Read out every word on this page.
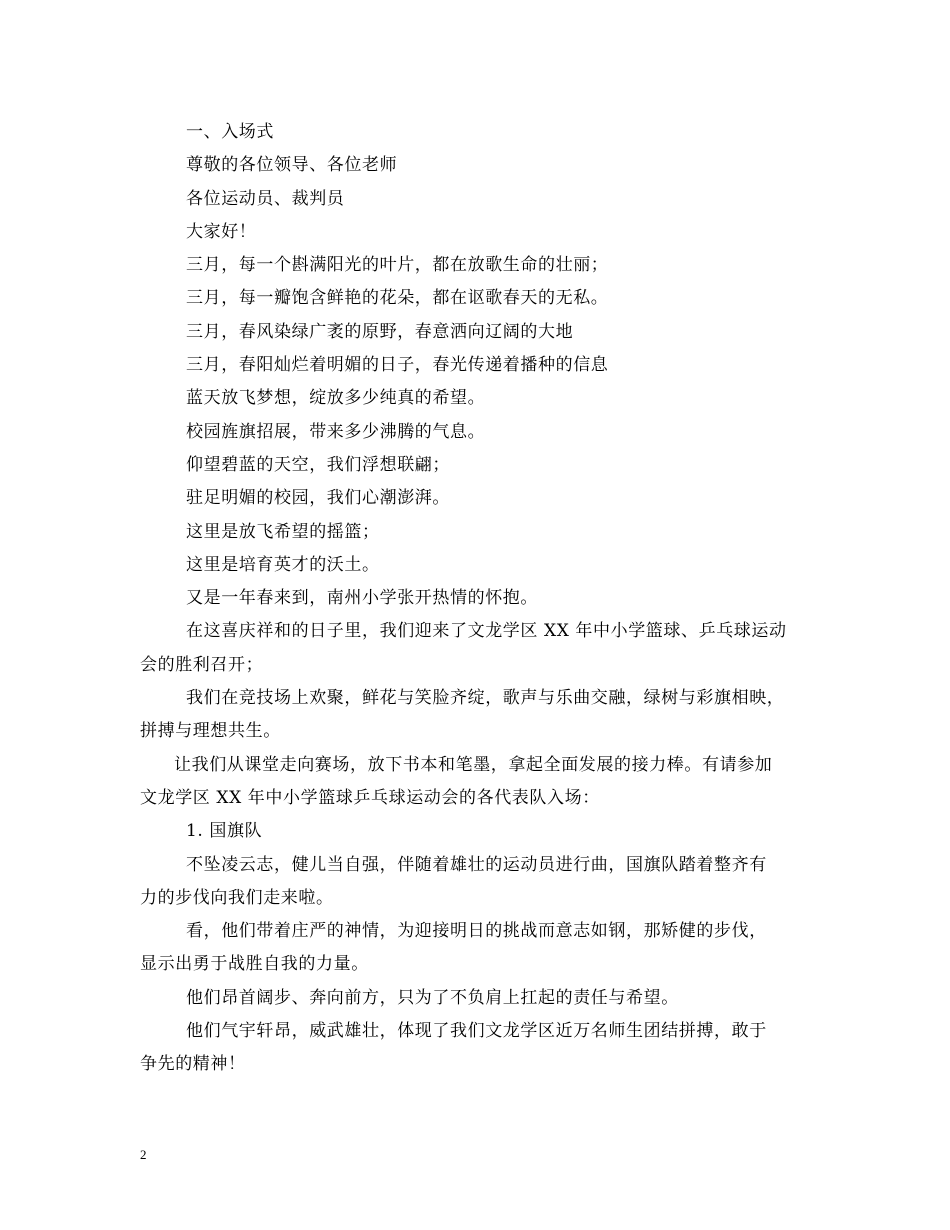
一、入场式
尊敬的各位领导、各位老师
各位运动员、裁判员
大家好！
三月，每一个斟满阳光的叶片，都在放歌生命的壮丽；
三月，每一瓣饱含鲜艳的花朵，都在讴歌春天的无私。
三月，春风染绿广袤的原野，春意洒向辽阔的大地
三月，春阳灿烂着明媚的日子，春光传递着播种的信息
蓝天放飞梦想，绽放多少纯真的希望。
校园旌旗招展，带来多少沸腾的气息。
仰望碧蓝的天空，我们浮想联翩；
驻足明媚的校园，我们心潮澎湃。
这里是放飞希望的摇篮；
这里是培育英才的沃土。
又是一年春来到，南州小学张开热情的怀抱。
在这喜庆祥和的日子里，我们迎来了文龙学区 XX 年中小学篮球、乒乓球运动
会的胜利召开；
我们在竞技场上欢聚，鲜花与笑脸齐绽，歌声与乐曲交融，绿树与彩旗相映，
拼搏与理想共生。
让我们从课堂走向赛场，放下书本和笔墨，拿起全面发展的接力棒。有请参加
文龙学区 XX 年中小学篮球乒乓球运动会的各代表队入场：
1. 国旗队
不坠凌云志，健儿当自强，伴随着雄壮的运动员进行曲，国旗队踏着整齐有
力的步伐向我们走来啦。
看，他们带着庄严的神情，为迎接明日的挑战而意志如钢，那矫健的步伐，
显示出勇于战胜自我的力量。
他们昂首阔步、奔向前方，只为了不负肩上扛起的责任与希望。
他们气宇轩昂，威武雄壮，体现了我们文龙学区近万名师生团结拼搏，敢于
争先的精神！
2
